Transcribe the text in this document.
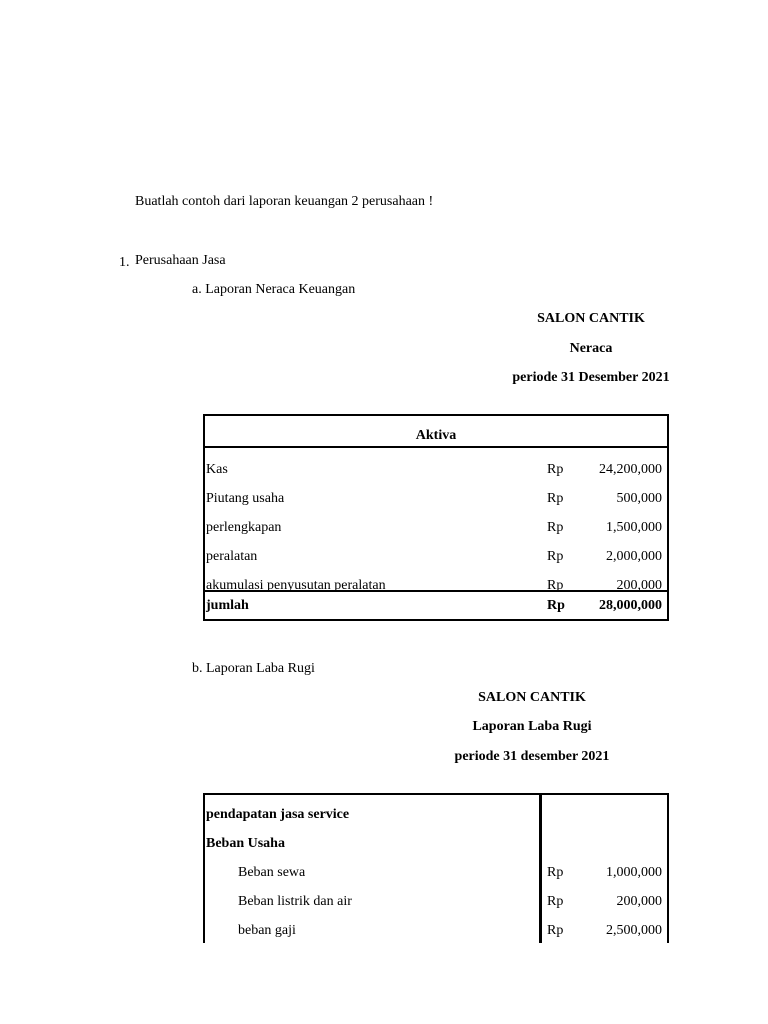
Buatlah contoh dari laporan keuangan 2 perusahaan !
1. Perusahaan Jasa
a. Laporan Neraca Keuangan
SALON CANTIK
Neraca
periode 31 Desember 2021
Aktiva
Kas	Rp	24,200,000
Piutang usaha	Rp	500,000
perlengkapan	Rp	1,500,000
peralatan	Rp	2,000,000
akumulasi penyusutan peralatan	Rp	200,000
jumlah	Rp 28,000,000
b. Laporan Laba Rugi
SALON CANTIK
Laporan Laba Rugi
periode 31 desember 2021
pendapatan jasa service
Beban Usaha
Beban sewa	Rp	1,000,000
Beban listrik dan air	Rp	200,000
beban gaji	Rp	2,500,000
